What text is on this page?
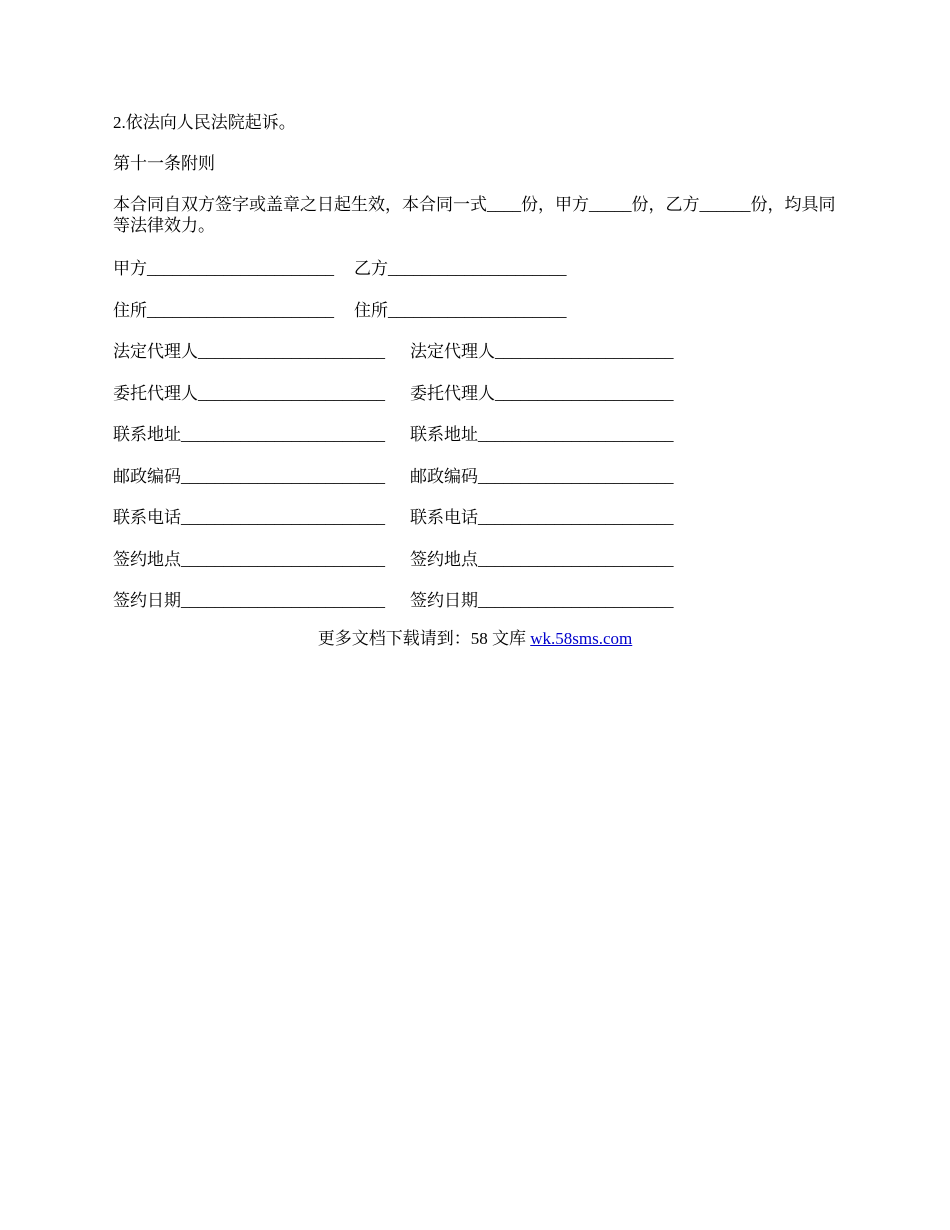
2.依法向人民法院起诉。

第十一条附则

本合同自双方签字或盖章之日起生效，本合同一式____份，甲方_____份，乙方______份，均具同等法律效力。

甲方______________________ 乙方_____________________
住所______________________ 住所_____________________
法定代理人______________________ 法定代理人_____________________
委托代理人______________________ 委托代理人_____________________
联系地址________________________ 联系地址_______________________
邮政编码________________________ 邮政编码_______________________
联系电话________________________ 联系电话_______________________
签约地点________________________ 签约地点_______________________
签约日期________________________ 签约日期_______________________
更多文档下载请到：58 文库 wk.58sms.com
